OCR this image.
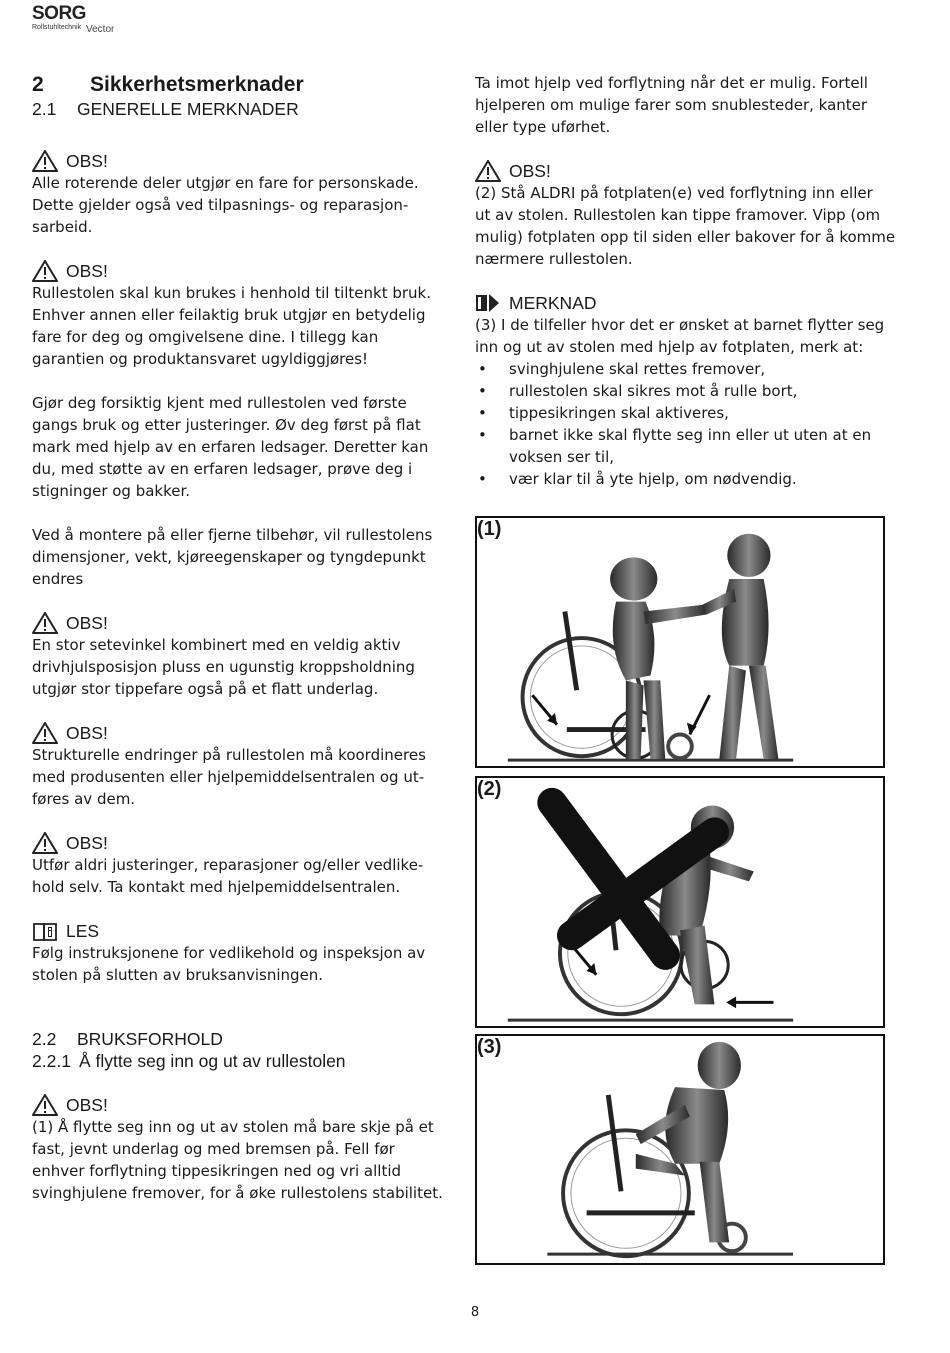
SORG
Rollstuhltechnik Vector
2 Sikkerhetsmerknader
2.1 GENERELLE MERKNADER
OBS!
Alle roterende deler utgjør en fare for personskade.
Dette gjelder også ved tilpasnings- og reparasjon-
sarbeid.
OBS!
Rullestolen skal kun brukes i henhold til tiltenkt bruk.
Enhver annen eller feilaktig bruk utgjør en betydelig
fare for deg og omgivelsene dine. I tillegg kan
garantien og produktansvaret ugyldiggjøres!
Gjør deg forsiktig kjent med rullestolen ved første
gangs bruk og etter justeringer. Øv deg først på flat
mark med hjelp av en erfaren ledsager. Deretter kan
du, med støtte av en erfaren ledsager, prøve deg i
stigninger og bakker.
Ved å montere på eller fjerne tilbehør, vil rullestolens
dimensjoner, vekt, kjøreegenskaper og tyngdepunkt
endres
OBS!
En stor setevinkel kombinert med en veldig aktiv
drivhjulsposisjon pluss en ugunstig kroppsholdning
utgjør stor tippefare også på et flatt underlag.
OBS!
Strukturelle endringer på rullestolen må koordineres
med produsenten eller hjelpemiddelsentralen og ut-
føres av dem.
OBS!
Utfør aldri justeringer, reparasjoner og/eller vedlike-
hold selv. Ta kontakt med hjelpemiddelsentralen.
LES
Følg instruksjonene for vedlikehold og inspeksjon av
stolen på slutten av bruksanvisningen.
2.2 BRUKSFORHOLD
2.2.1 Å flytte seg inn og ut av rullestolen
OBS!
(1) Å flytte seg inn og ut av stolen må bare skje på et
fast, jevnt underlag og med bremsen på. Fell før
enhver forflytning tippesikringen ned og vri alltid
svinghjulene fremover, for å øke rullestolens stabilitet.
Ta imot hjelp ved forflytning når det er mulig. Fortell
hjelperen om mulige farer som snublesteder, kanter
eller type uførhet.
OBS!
(2) Stå ALDRI på fotplaten(e) ved forflytning inn eller
ut av stolen. Rullestolen kan tippe framover. Vipp (om
mulig) fotplaten opp til siden eller bakover for å komme
nærmere rullestolen.
MERKNAD
(3) I de tilfeller hvor det er ønsket at barnet flytter seg
inn og ut av stolen med hjelp av fotplaten, merk at:
• svinghjulene skal rettes fremover,
• rullestolen skal sikres mot å rulle bort,
• tippesikringen skal aktiveres,
• barnet ikke skal flytte seg inn eller ut uten at en voksen ser til,
• vær klar til å yte hjelp, om nødvendig.
(1)
(2)
(3)
8
